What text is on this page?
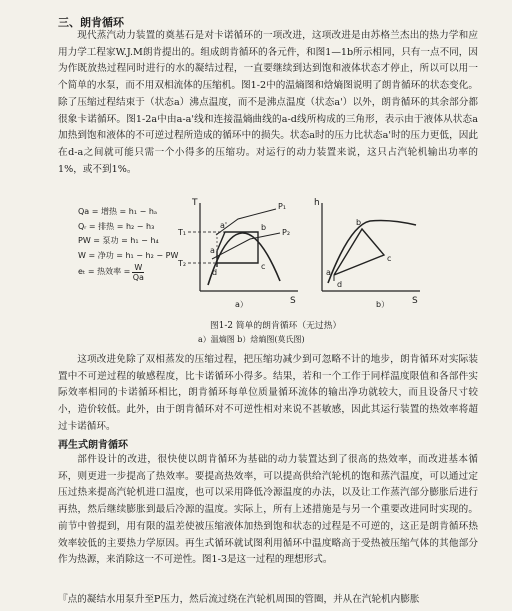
三、朗肯循环

现代蒸汽动力装置的奠基石是对卡诺循环的一项改进，这项改进是由苏格兰杰出的热力学和应用力学工程家W.J.M朗肯提出的。组成朗肯循环的各元件，和图1—1b所示相同，只有一点不同，因为作既放热过程同时进行的水的凝结过程，一直要继续到达到饱和液体状态才停止，所以可以用一个简单的水泵，而不用双相流体的压缩机。图1-2中的温熵图和焓熵图说明了朗肯循环的状态变化。除了压缩过程结束于（状态a）沸点温度，而不是沸点温度（状态a'）以外，朗肯循环的其余部分都很象卡诺循环。图1-2a中由a-a'线和连接温熵曲线的a-d线所构成的三角形，表示由于液体从状态a加热到饱和液体的不可逆过程所造成的循环中的损失。状态a时的压力比状态a'时的压力更低，因此在d-a之间就可能只需一个小得多的压缩功。对运行的动力装置来说，这只占汽轮机输出功率的1%，或不到1%。

Qa = 增热 = h₁ − hₐ
Qᵣ = 排热 = h₂ − h₃
PW = 泵功 = h₁ − h₄
W = 净功 = h₁ − h₂ − PW
eₜ = 热效率 = $\frac{W}{Qa}$
T
S
T₁
T₂
a'
a
b
c
d
P₁
P₂
a）
h
S
b
c
a
d
b）
图1-2 简单的朗肯循环（无过热）
a）温熵图 b）焓熵图(莫氏图)

这项改进免除了双相蒸发的压缩过程，把压缩功减少到可忽略不计的地步，朗肯循环对实际装置中不可逆过程的敏感程度，比卡诺循环小得多。结果，若和一个工作于同样温度限值和各部件实际效率相同的卡诺循环相比，朗肯循环每单位质量循环流体的输出净功就较大，而且设备尺寸较小，造价较低。此外，由于朗肯循环对不可逆性相对来说不甚敏感，因此其运行装置的热效率将超过卡诺循环。

再生式朗肯循环

部件设计的改进，很快使以朗肯循环为基础的动力装置达到了很高的热效率，而改进基本循环，则更进一步提高了热效率。要提高热效率，可以提高供给汽轮机的饱和蒸汽温度，可以通过定压过热来提高汽轮机进口温度，也可以采用降低冷源温度的办法，以及让工作蒸汽部分膨胀后进行再热，然后继续膨胀到最后冷源的温度。实际上，所有上述措施是与另一个重要改进同时实现的。前节中曾提到，用有限的温差使被压缩液体加热到饱和状态的过程是不可逆的，这正是朗肯循环热效率较低的主要热力学原因。再生式循环就试图利用循环中温度略高于受热被压缩气体的其他部分作为热源，来消除这一不可逆性。图1-3是这一过程的理想形式。

『点的凝结水用泵升至P压力，然后流过绕在汽轮机周围的管圈，并从在汽轮机内膨胀
